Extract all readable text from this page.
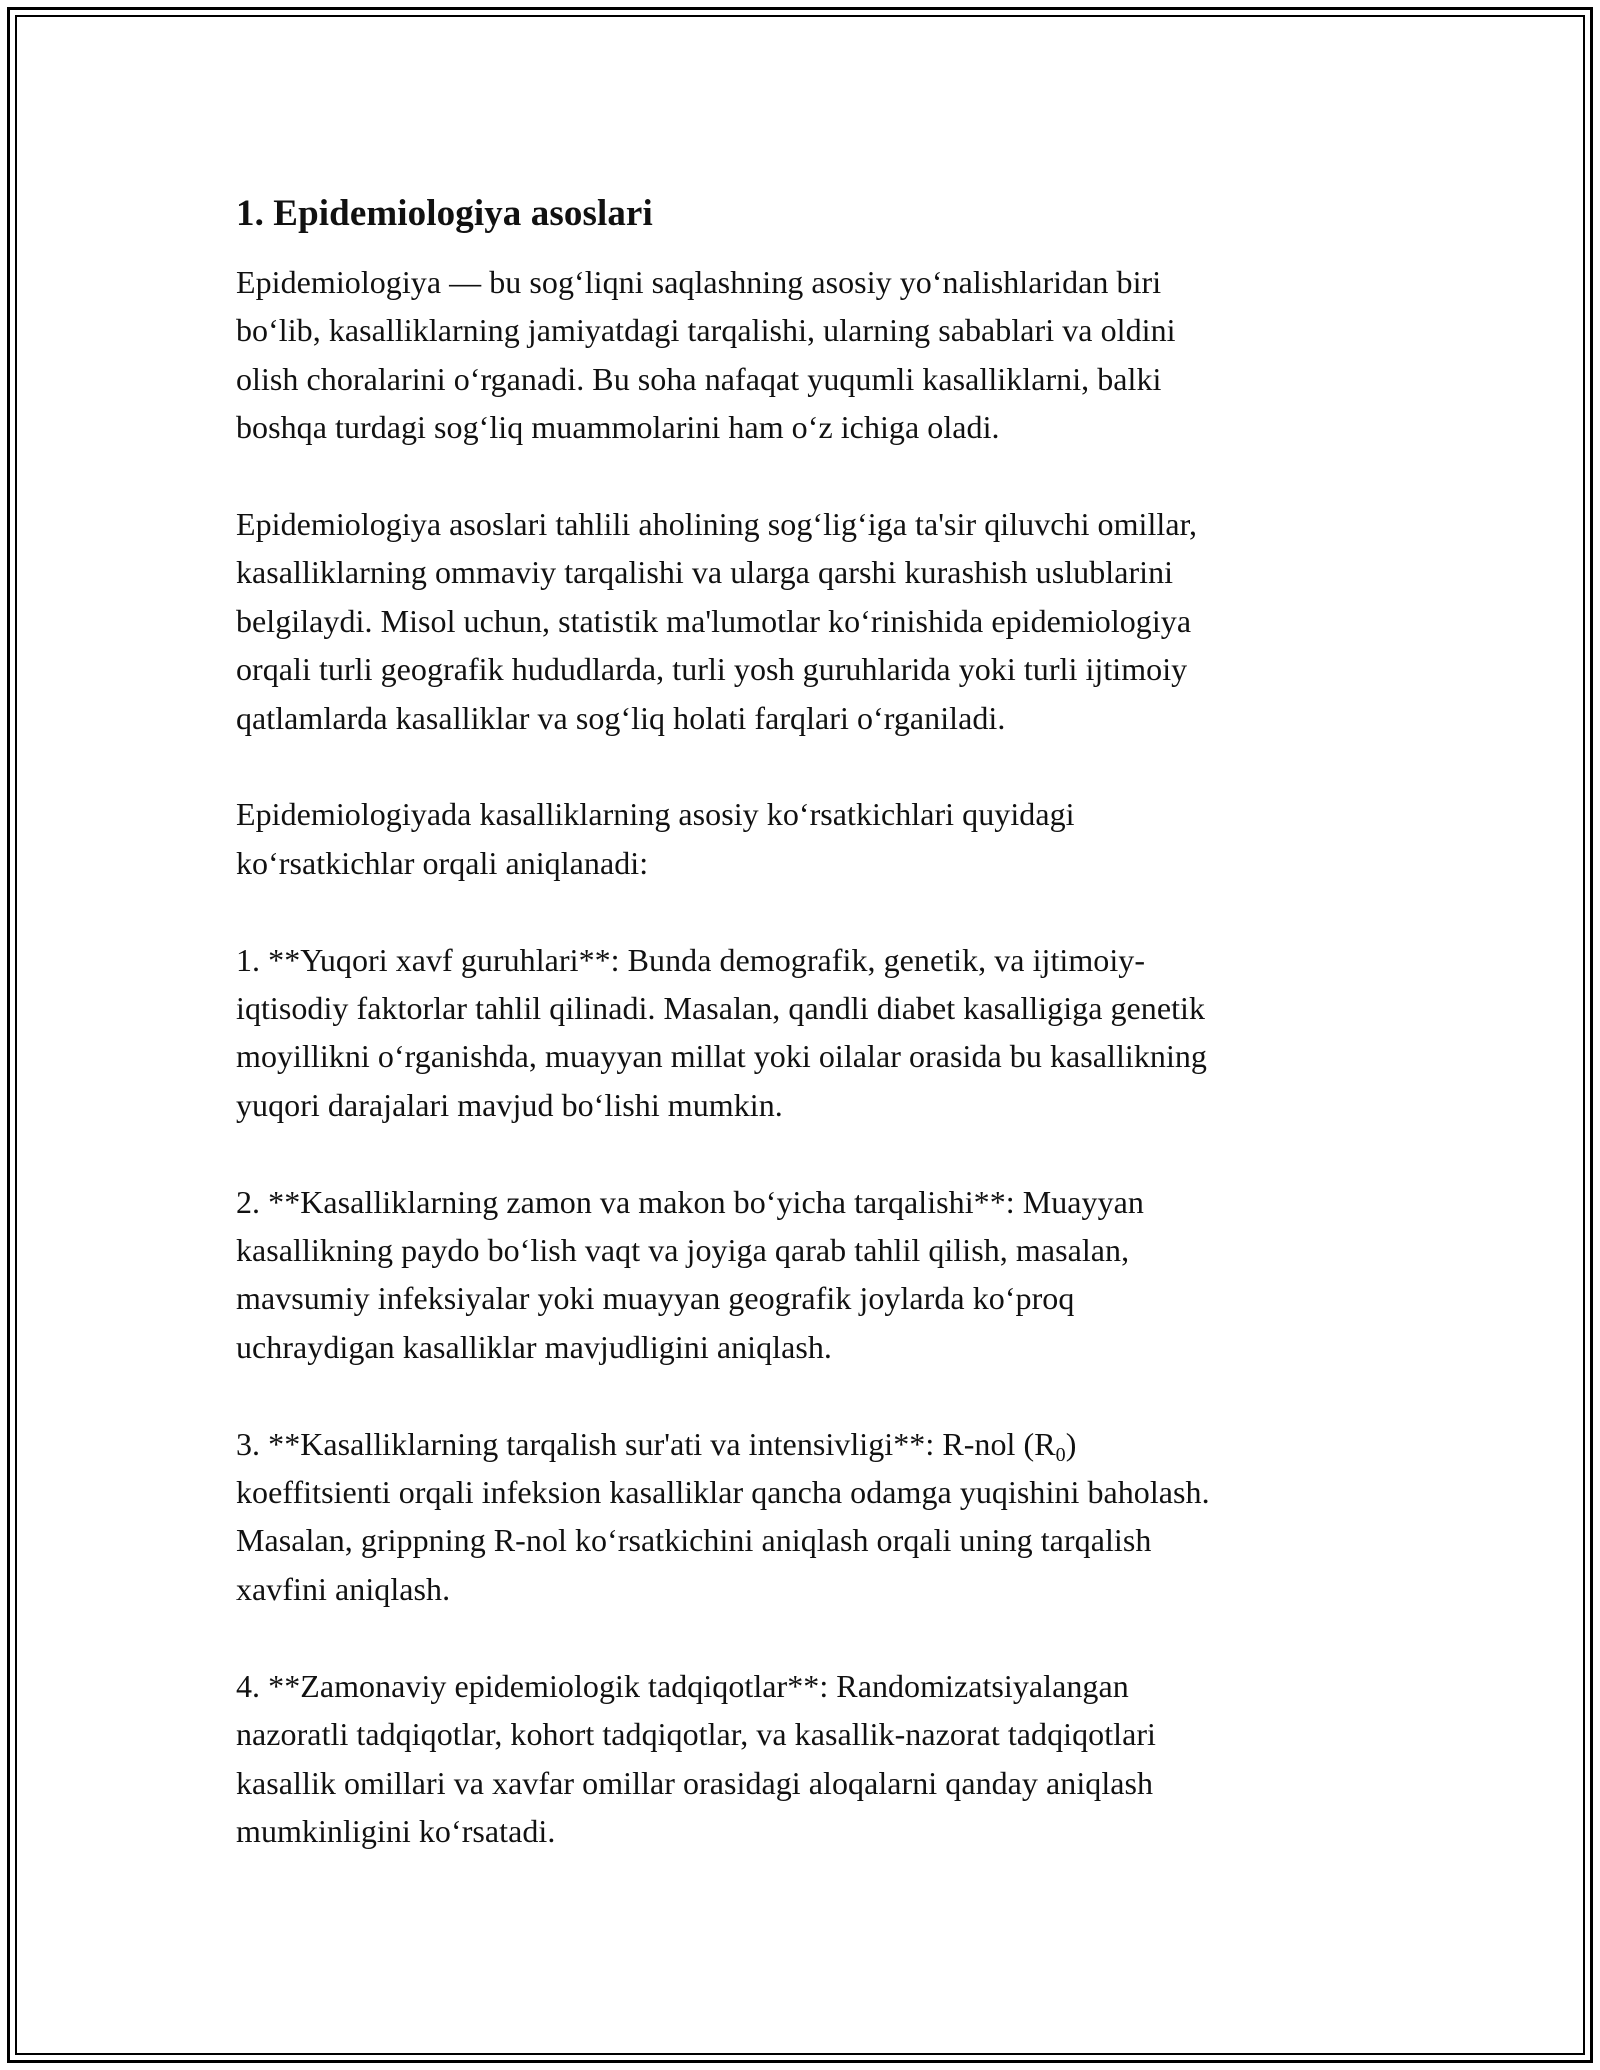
1. Epidemiologiya asoslari

Epidemiologiya — bu sog‘liqni saqlashning asosiy yo‘nalishlaridan biri
bo‘lib, kasalliklarning jamiyatdagi tarqalishi, ularning sabablari va oldini
olish choralarini o‘rganadi. Bu soha nafaqat yuqumli kasalliklarni, balki
boshqa turdagi sog‘liq muammolarini ham o‘z ichiga oladi.

Epidemiologiya asoslari tahlili aholining sog‘lig‘iga ta'sir qiluvchi omillar,
kasalliklarning ommaviy tarqalishi va ularga qarshi kurashish uslublarini
belgilaydi. Misol uchun, statistik ma'lumotlar ko‘rinishida epidemiologiya
orqali turli geografik hududlarda, turli yosh guruhlarida yoki turli ijtimoiy
qatlamlarda kasalliklar va sog‘liq holati farqlari o‘rganiladi.

Epidemiologiyada kasalliklarning asosiy ko‘rsatkichlari quyidagi
ko‘rsatkichlar orqali aniqlanadi:

1. **Yuqori xavf guruhlari**: Bunda demografik, genetik, va ijtimoiy-
iqtisodiy faktorlar tahlil qilinadi. Masalan, qandli diabet kasalligiga genetik
moyillikni o‘rganishda, muayyan millat yoki oilalar orasida bu kasallikning
yuqori darajalari mavjud bo‘lishi mumkin.

2. **Kasalliklarning zamon va makon bo‘yicha tarqalishi**: Muayyan
kasallikning paydo bo‘lish vaqt va joyiga qarab tahlil qilish, masalan,
mavsumiy infeksiyalar yoki muayyan geografik joylarda ko‘proq
uchraydigan kasalliklar mavjudligini aniqlash.

3. **Kasalliklarning tarqalish sur'ati va intensivligi**: R-nol $(R_0)$
koeffitsienti orqali infeksion kasalliklar qancha odamga yuqishini baholash.
Masalan, grippning R-nol ko‘rsatkichini aniqlash orqali uning tarqalish
xavfini aniqlash.

4. **Zamonaviy epidemiologik tadqiqotlar**: Randomizatsiyalangan
nazoratli tadqiqotlar, kohort tadqiqotlar, va kasallik-nazorat tadqiqotlari
kasallik omillari va xavfar omillar orasidagi aloqalarni qanday aniqlash
mumkinligini ko‘rsatadi.
